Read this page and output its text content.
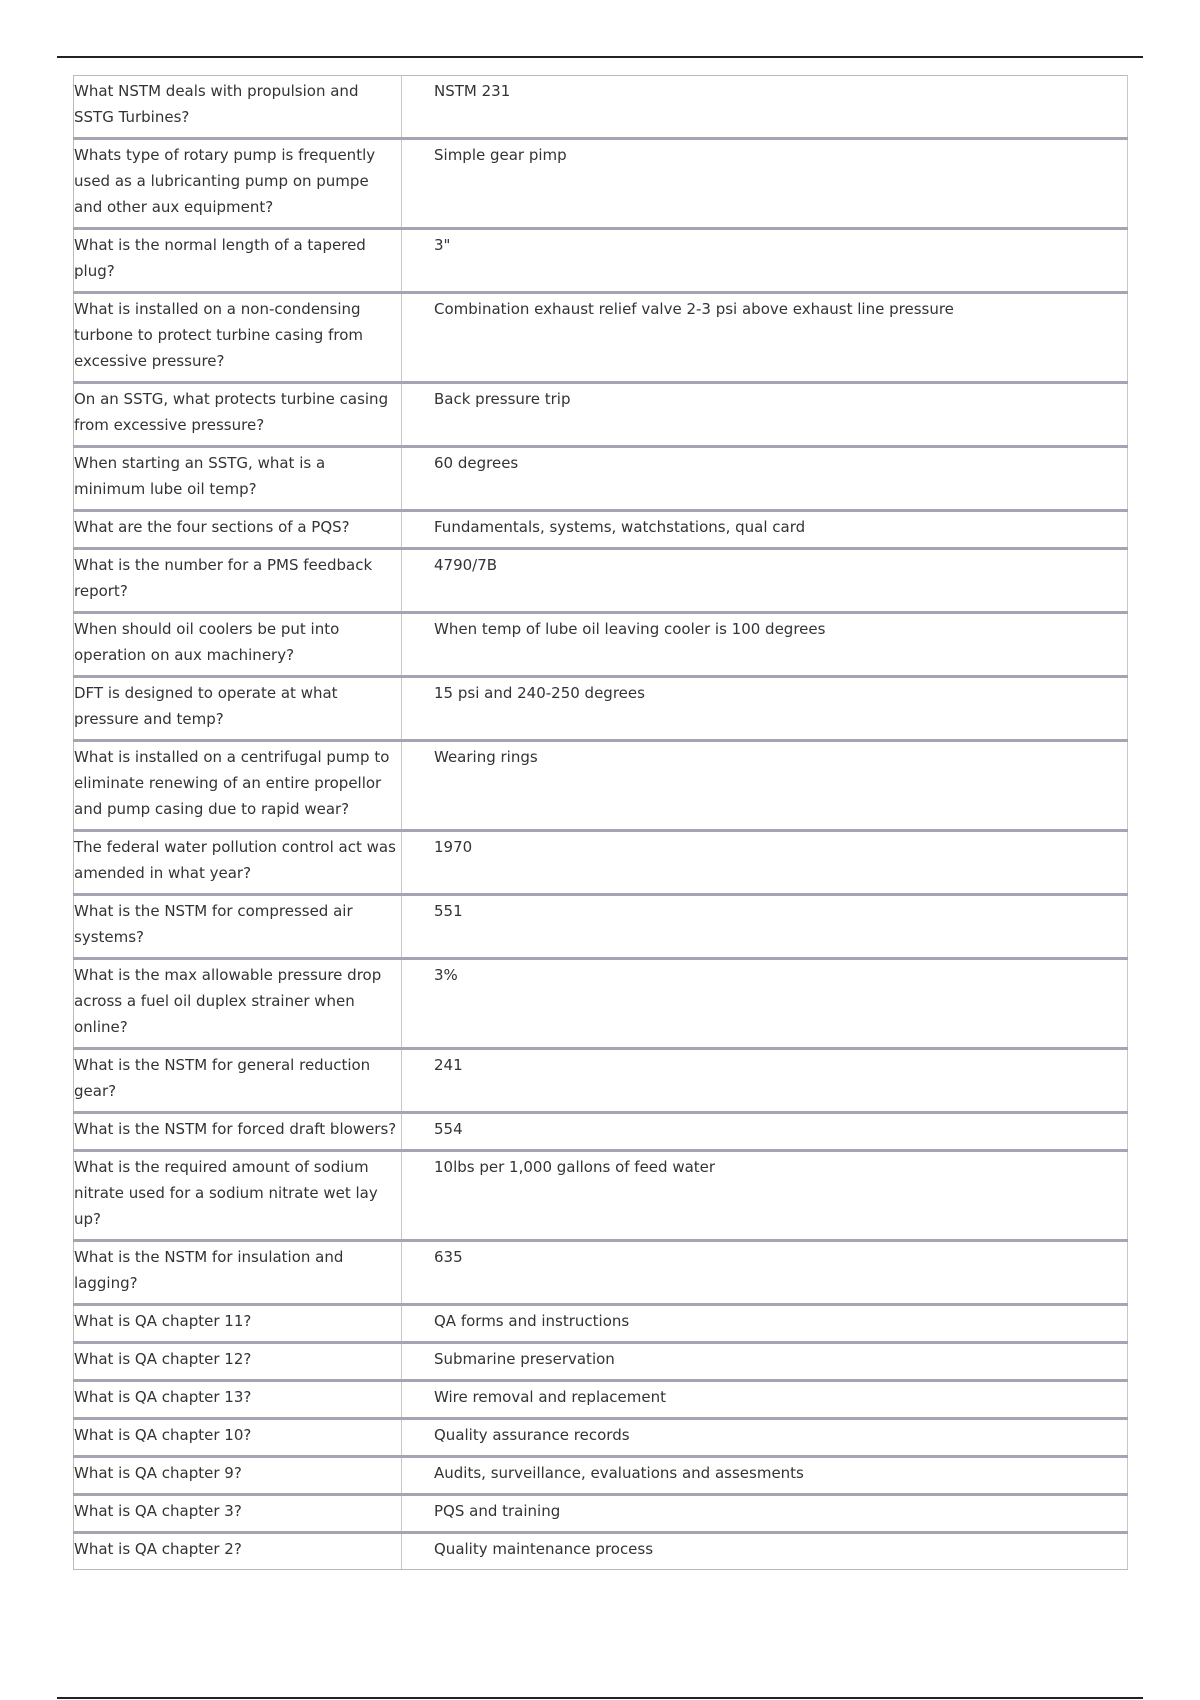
What NSTM deals with propulsion and SSTG Turbines?	NSTM 231
Whats type of rotary pump is frequently used as a lubricanting pump on pumpe and other aux equipment?	Simple gear pimp
What is the normal length of a tapered plug?	3"
What is installed on a non-condensing turbone to protect turbine casing from excessive pressure?	Combination exhaust relief valve 2-3 psi above exhaust line pressure
On an SSTG, what protects turbine casing from excessive pressure?	Back pressure trip
When starting an SSTG, what is a minimum lube oil temp?	60 degrees
What are the four sections of a PQS?	Fundamentals, systems, watchstations, qual card
What is the number for a PMS feedback report?	4790/7B
When should oil coolers be put into operation on aux machinery?	When temp of lube oil leaving cooler is 100 degrees
DFT is designed to operate at what pressure and temp?	15 psi and 240-250 degrees
What is installed on a centrifugal pump to eliminate renewing of an entire propellor and pump casing due to rapid wear?	Wearing rings
The federal water pollution control act was amended in what year?	1970
What is the NSTM for compressed air systems?	551
What is the max allowable pressure drop across a fuel oil duplex strainer when online?	3%
What is the NSTM for general reduction gear?	241
What is the NSTM for forced draft blowers?	554
What is the required amount of sodium nitrate used for a sodium nitrate wet lay up?	10lbs per 1,000 gallons of feed water
What is the NSTM for insulation and lagging?	635
What is QA chapter 11?	QA forms and instructions
What is QA chapter 12?	Submarine preservation
What is QA chapter 13?	Wire removal and replacement
What is QA chapter 10?	Quality assurance records
What is QA chapter 9?	Audits, surveillance, evaluations and assesments
What is QA chapter 3?	PQS and training
What is QA chapter 2?	Quality maintenance process
